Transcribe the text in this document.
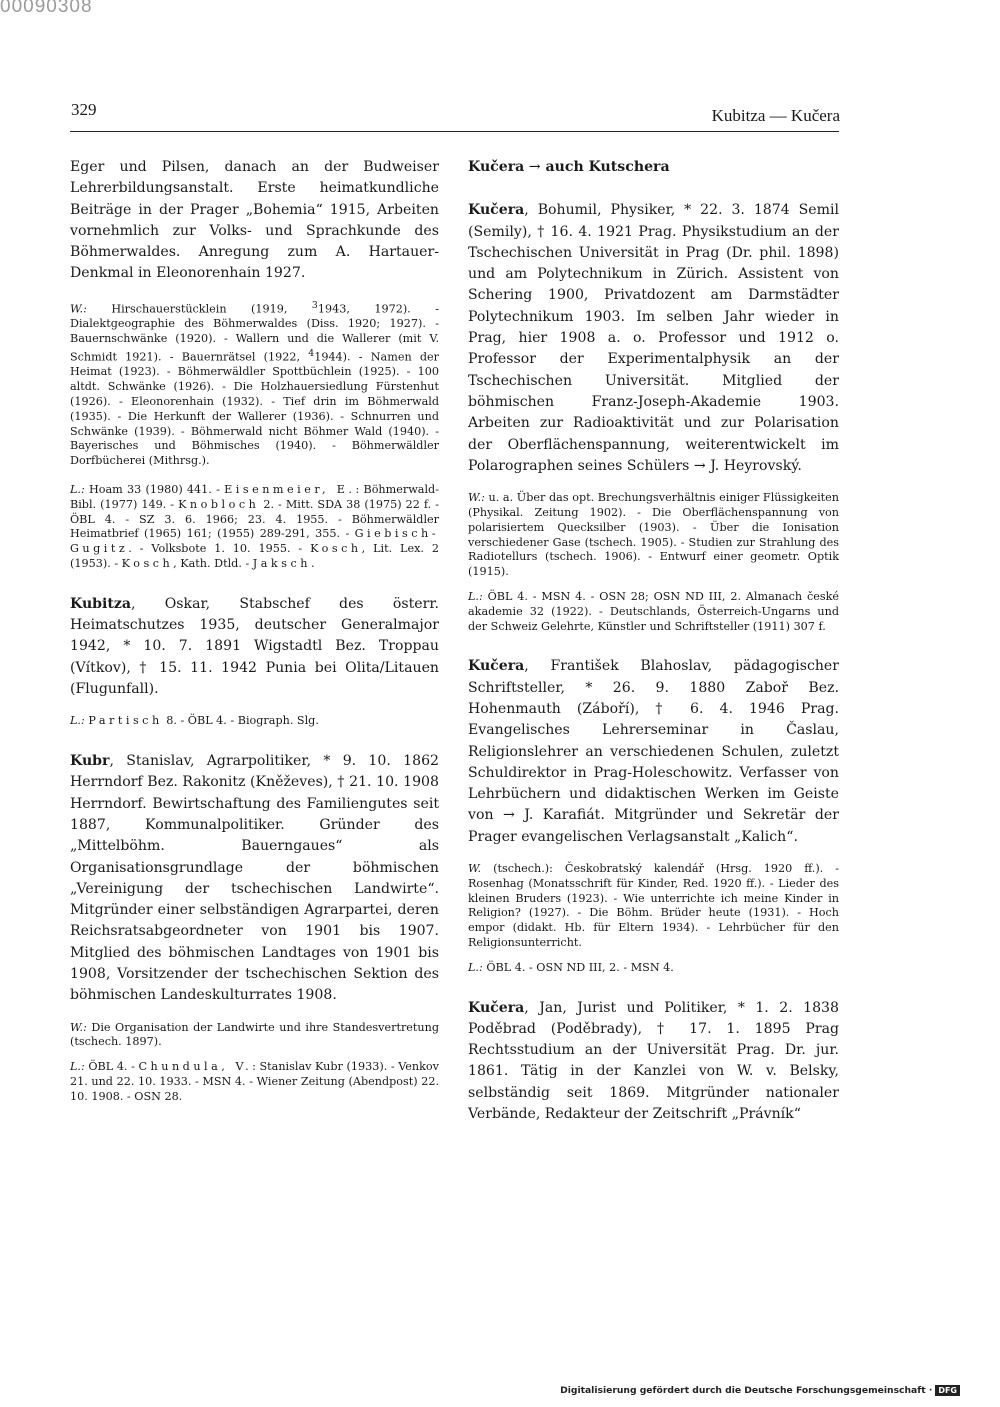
00090308
329	Kubitza — Kučera

Eger und Pilsen, danach an der Budweiser Lehrerbildungsanstalt. Erste heimatkundliche Beiträge in der Prager „Bohemia“ 1915, Arbeiten vornehmlich zur Volks- und Sprachkunde des Böhmerwaldes. Anregung zum A. Hartauer-Denkmal in Eleonorenhain 1927.

W.: Hirschauerstücklein (1919, $^3$1943, 1972). - Dialektgeographie des Böhmerwaldes (Diss. 1920; 1927). - Bauernschwänke (1920). - Wallern und die Wallerer (mit V. Schmidt 1921). - Bauernrätsel (1922, $^4$1944). - Namen der Heimat (1923). - Böhmerwäldler Spottbüchlein (1925). - 100 altdt. Schwänke (1926). - Die Holzhauersiedlung Fürstenhut (1926). - Eleonorenhain (1932). - Tief drin im Böhmerwald (1935). - Die Herkunft der Wallerer (1936). - Schnurren und Schwänke (1939). - Böhmerwald nicht Böhmer Wald (1940). - Bayerisches und Böhmisches (1940). - Böhmerwäldler Dorfbücherei (Mithrsg.).

L.: Hoam 33 (1980) 441. - Eisenmeier, E.: Böhmerwald-Bibl. (1977) 149. - Knobloch 2. - Mitt. SDA 38 (1975) 22 f. - ÖBL 4. - SZ 3. 6. 1966; 23. 4. 1955. - Böhmerwäldler Heimatbrief (1965) 161; (1955) 289-291, 355. - Giebisch-Gugitz. - Volksbote 1. 10. 1955. - Kosch, Lit. Lex. 2 (1953). - Kosch, Kath. Dtld. - Jaksch.

Kubitza, Oskar, Stabschef des österr. Heimatschutzes 1935, deutscher Generalmajor 1942, * 10. 7. 1891 Wigstadtl Bez. Troppau (Vítkov), † 15. 11. 1942 Punia bei Olita/Litauen (Flugunfall).

L.: Partisch 8. - ÖBL 4. - Biograph. Slg.

Kubr, Stanislav, Agrarpolitiker, * 9. 10. 1862 Herrndorf Bez. Rakonitz (Kněževes), † 21. 10. 1908 Herrndorf. Bewirtschaftung des Familiengutes seit 1887, Kommunalpolitiker. Gründer des „Mittelböhm. Bauerngaues“ als Organisationsgrundlage der böhmischen „Vereinigung der tschechischen Landwirte“. Mitgründer einer selbständigen Agrarpartei, deren Reichsratsabgeordneter von 1901 bis 1907. Mitglied des böhmischen Landtages von 1901 bis 1908, Vorsitzender der tschechischen Sektion des böhmischen Landeskulturrates 1908.

W.: Die Organisation der Landwirte und ihre Standesvertretung (tschech. 1897).

L.: ÖBL 4. - Chundula, V.: Stanislav Kubr (1933). - Venkov 21. und 22. 10. 1933. - MSN 4. - Wiener Zeitung (Abendpost) 22. 10. 1908. - OSN 28.

Kučera → auch Kutschera

Kučera, Bohumil, Physiker, * 22. 3. 1874 Semil (Semily), † 16. 4. 1921 Prag. Physikstudium an der Tschechischen Universität in Prag (Dr. phil. 1898) und am Polytechnikum in Zürich. Assistent von Schering 1900, Privatdozent am Darmstädter Polytechnikum 1903. Im selben Jahr wieder in Prag, hier 1908 a. o. Professor und 1912 o. Professor der Experimentalphysik an der Tschechischen Universität. Mitglied der böhmischen Franz-Joseph-Akademie 1903. Arbeiten zur Radioaktivität und zur Polarisation der Oberflächenspannung, weiterentwickelt im Polarographen seines Schülers → J. Heyrovský.

W.: u. a. Über das opt. Brechungsverhältnis einiger Flüssigkeiten (Physikal. Zeitung 1902). - Die Oberflächenspannung von polarisiertem Quecksilber (1903). - Über die Ionisation verschiedener Gase (tschech. 1905). - Studien zur Strahlung des Radiotellurs (tschech. 1906). - Entwurf einer geometr. Optik (1915).

L.: ÖBL 4. - MSN 4. - OSN 28; OSN ND III, 2. Almanach české akademie 32 (1922). - Deutschlands, Österreich-Ungarns und der Schweiz Gelehrte, Künstler und Schriftsteller (1911) 307 f.

Kučera, František Blahoslav, pädagogischer Schriftsteller, * 26. 9. 1880 Zaboř Bez. Hohenmauth (Záboří), † 6. 4. 1946 Prag. Evangelisches Lehrerseminar in Časlau, Religionslehrer an verschiedenen Schulen, zuletzt Schuldirektor in Prag-Holeschowitz. Verfasser von Lehrbüchern und didaktischen Werken im Geiste von → J. Karafiát. Mitgründer und Sekretär der Prager evangelischen Verlagsanstalt „Kalich“.

W. (tschech.): Českobratský kalendář (Hrsg. 1920 ff.). - Rosenhag (Monatsschrift für Kinder, Red. 1920 ff.). - Lieder des kleinen Bruders (1923). - Wie unterrichte ich meine Kinder in Religion? (1927). - Die Böhm. Brüder heute (1931). - Hoch empor (didakt. Hb. für Eltern 1934). - Lehrbücher für den Religionsunterricht.

L.: ÖBL 4. - OSN ND III, 2. - MSN 4.

Kučera, Jan, Jurist und Politiker, * 1. 2. 1838 Poděbrad (Poděbrady), † 17. 1. 1895 Prag Rechtsstudium an der Universität Prag. Dr. jur. 1861. Tätig in der Kanzlei von W. v. Belsky, selbständig seit 1869. Mitgründer nationaler Verbände, Redakteur der Zeitschrift „Právník“

Digitalisierung gefördert durch die Deutsche Forschungsgemeinschaft · DFG
